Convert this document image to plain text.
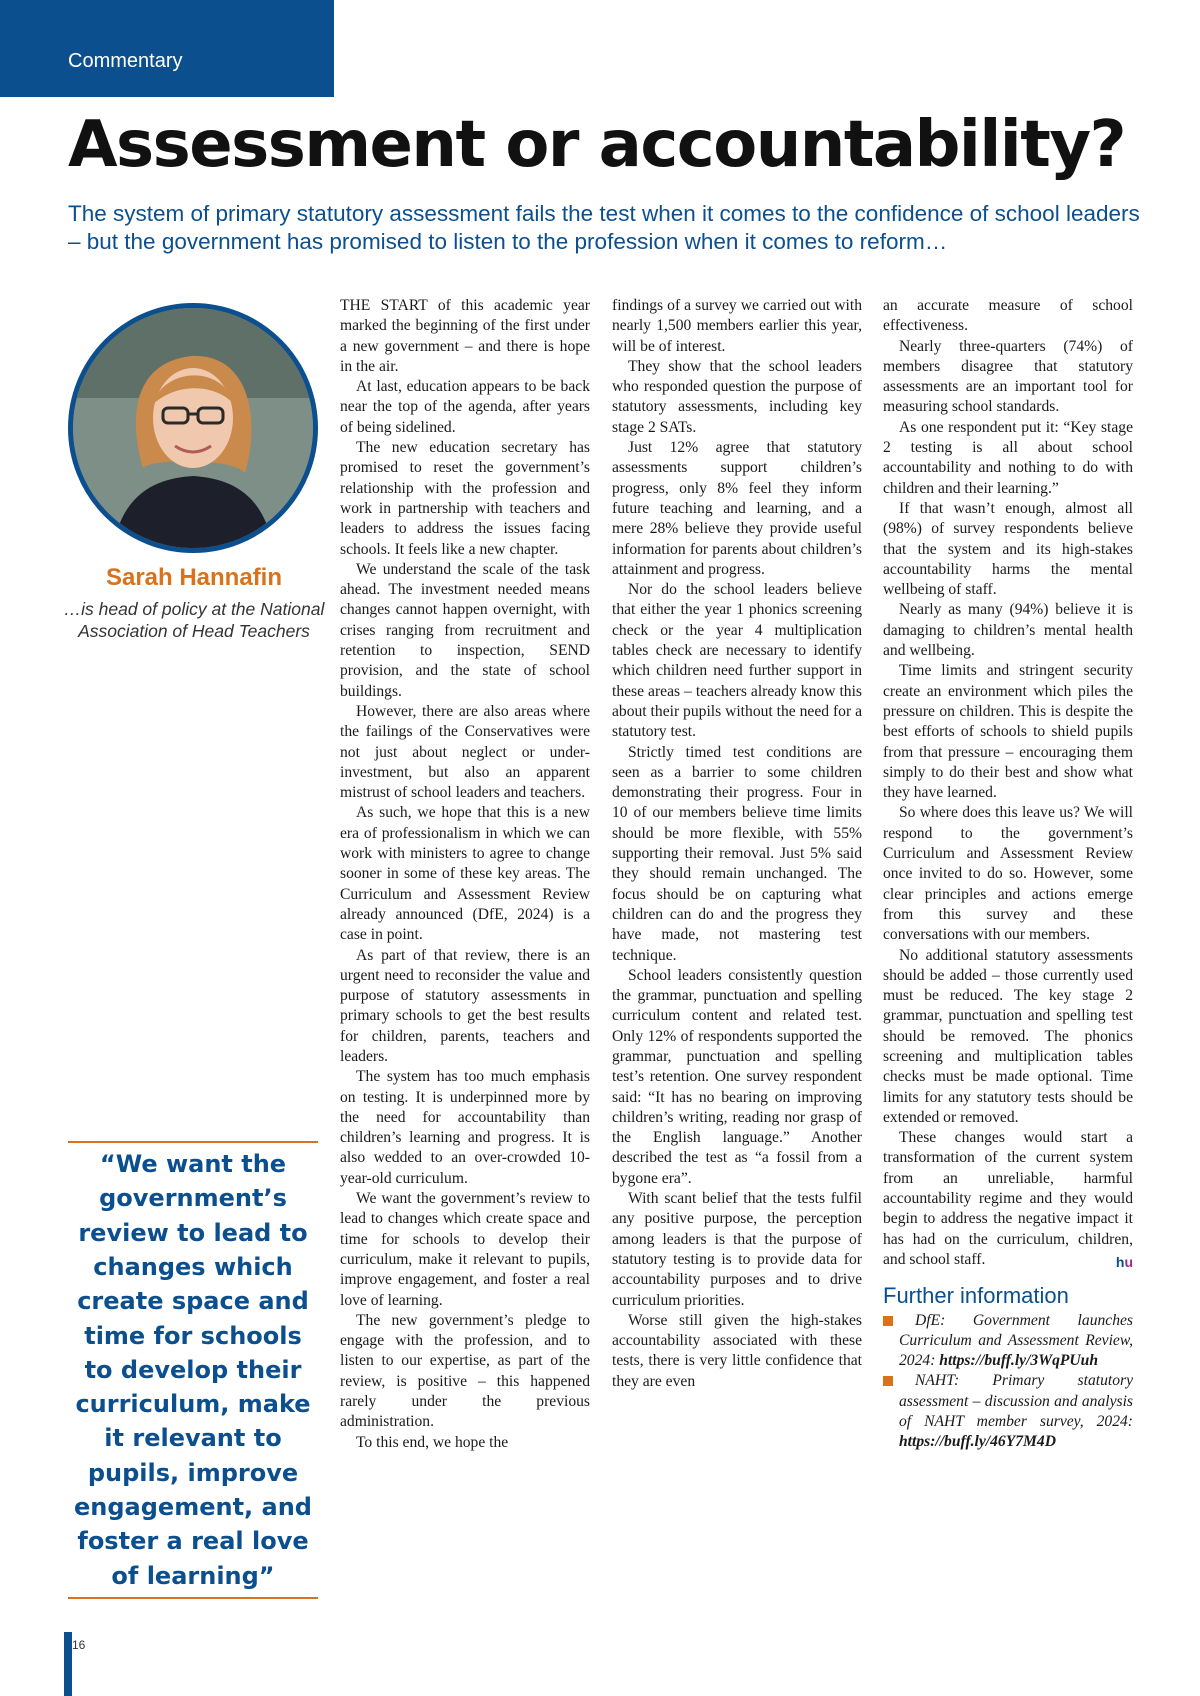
Commentary
Assessment or accountability?

The system of primary statutory assessment fails the test when it comes to the confidence of school leaders – but the government has promised to listen to the profession when it comes to reform…

Sarah Hannafin
…is head of policy at the National Association of Head Teachers

“We want the government’s review to lead to changes which create space and time for schools to develop their curriculum, make it relevant to pupils, improve engagement, and foster a real love of learning”

THE START of this academic year marked the beginning of the first under a new government – and there is hope in the air.

At last, education appears to be back near the top of the agenda, after years of being sidelined.

The new education secretary has promised to reset the government’s relationship with the profession and work in partnership with teachers and leaders to address the issues facing schools. It feels like a new chapter.

We understand the scale of the task ahead. The investment needed means changes cannot happen overnight, with crises ranging from recruitment and retention to inspection, SEND provision, and the state of school buildings.

However, there are also areas where the failings of the Conservatives were not just about neglect or under-investment, but also an apparent mistrust of school leaders and teachers.

As such, we hope that this is a new era of professionalism in which we can work with ministers to agree to change sooner in some of these key areas. The Curriculum and Assessment Review already announced (DfE, 2024) is a case in point.

As part of that review, there is an urgent need to reconsider the value and purpose of statutory assessments in primary schools to get the best results for children, parents, teachers and leaders.

The system has too much emphasis on testing. It is underpinned more by the need for accountability than children’s learning and progress. It is also wedded to an over-crowded 10-year-old curriculum.

We want the government’s review to lead to changes which create space and time for schools to develop their curriculum, make it relevant to pupils, improve engagement, and foster a real love of learning.

The new government’s pledge to engage with the profession, and to listen to our expertise, as part of the review, is positive – this happened rarely under the previous administration.

To this end, we hope the

findings of a survey we carried out with nearly 1,500 members earlier this year, will be of interest.

They show that the school leaders who responded question the purpose of statutory assessments, including key stage 2 SATs.

Just 12% agree that statutory assessments support children’s progress, only 8% feel they inform future teaching and learning, and a mere 28% believe they provide useful information for parents about children’s attainment and progress.

Nor do the school leaders believe that either the year 1 phonics screening check or the year 4 multiplication tables check are necessary to identify which children need further support in these areas – teachers already know this about their pupils without the need for a statutory test.

Strictly timed test conditions are seen as a barrier to some children demonstrating their progress. Four in 10 of our members believe time limits should be more flexible, with 55% supporting their removal. Just 5% said they should remain unchanged. The focus should be on capturing what children can do and the progress they have made, not mastering test technique.

School leaders consistently question the grammar, punctuation and spelling curriculum content and related test. Only 12% of respondents supported the grammar, punctuation and spelling test’s retention. One survey respondent said: “It has no bearing on improving children’s writing, reading nor grasp of the English language.” Another described the test as “a fossil from a bygone era”.

With scant belief that the tests fulfil any positive purpose, the perception among leaders is that the purpose of statutory testing is to provide data for accountability purposes and to drive curriculum priorities.

Worse still given the high-stakes accountability associated with these tests, there is very little confidence that they are even

an accurate measure of school effectiveness.

Nearly three-quarters (74%) of members disagree that statutory assessments are an important tool for measuring school standards.

As one respondent put it: “Key stage 2 testing is all about school accountability and nothing to do with children and their learning.”

If that wasn’t enough, almost all (98%) of survey respondents believe that the system and its high-stakes accountability harms the mental wellbeing of staff.

Nearly as many (94%) believe it is damaging to children’s mental health and wellbeing.

Time limits and stringent security create an environment which piles the pressure on children. This is despite the best efforts of schools to shield pupils from that pressure – encouraging them simply to do their best and show what they have learned.

So where does this leave us? We will respond to the government’s Curriculum and Assessment Review once invited to do so. However, some clear principles and actions emerge from this survey and these conversations with our members.

No additional statutory assessments should be added – those currently used must be reduced. The key stage 2 grammar, punctuation and spelling test should be removed. The phonics screening and multiplication tables checks must be made optional. Time limits for any statutory tests should be extended or removed.

These changes would start a transformation of the current system from an unreliable, harmful accountability regime and they would begin to address the negative impact it has had on the curriculum, children, and school staff.	hu

Further information

DfE: Government launches Curriculum and Assessment Review, 2024: https://buff.ly/3WqPUuh

NAHT: Primary statutory assessment – discussion and analysis of NAHT member survey, 2024: https://buff.ly/46Y7M4D

16
